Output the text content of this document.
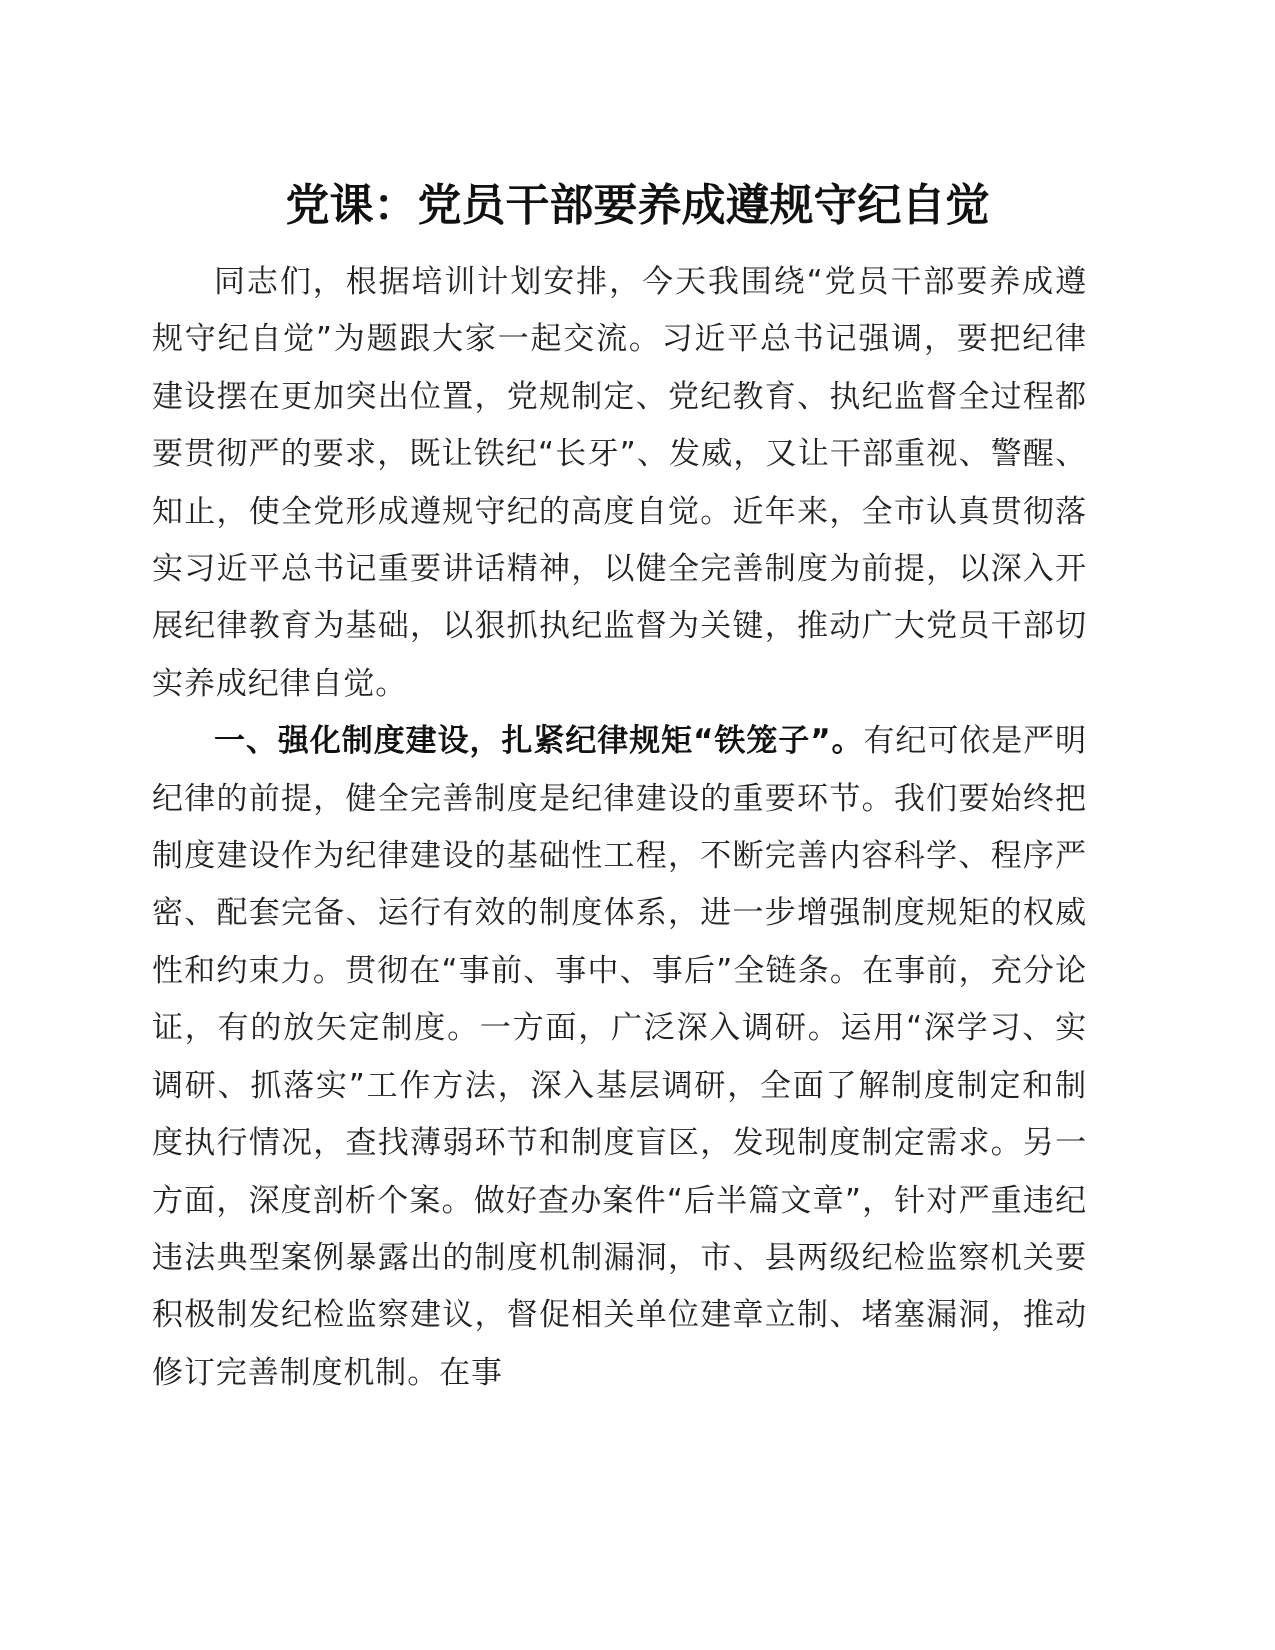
党课：党员干部要养成遵规守纪自觉

同志们，根据培训计划安排，今天我围绕“党员干部要养成遵规守纪自觉”为题跟大家一起交流。习近平总书记强调，要把纪律建设摆在更加突出位置，党规制定、党纪教育、执纪监督全过程都要贯彻严的要求，既让铁纪“长牙”、发威，又让干部重视、警醒、知止，使全党形成遵规守纪的高度自觉。近年来，全市认真贯彻落实习近平总书记重要讲话精神，以健全完善制度为前提，以深入开展纪律教育为基础，以狠抓执纪监督为关键，推动广大党员干部切实养成纪律自觉。

一、强化制度建设，扎紧纪律规矩“铁笼子”。有纪可依是严明纪律的前提，健全完善制度是纪律建设的重要环节。我们要始终把制度建设作为纪律建设的基础性工程，不断完善内容科学、程序严密、配套完备、运行有效的制度体系，进一步增强制度规矩的权威性和约束力。贯彻在“事前、事中、事后”全链条。在事前，充分论证，有的放矢定制度。一方面，广泛深入调研。运用“深学习、实调研、抓落实”工作方法，深入基层调研，全面了解制度制定和制度执行情况，查找薄弱环节和制度盲区，发现制度制定需求。另一方面，深度剖析个案。做好查办案件“后半篇文章”，针对严重违纪违法典型案例暴露出的制度机制漏洞，市、县两级纪检监察机关要积极制发纪检监察建议，督促相关单位建章立制、堵塞漏洞，推动修订完善制度机制。在事
